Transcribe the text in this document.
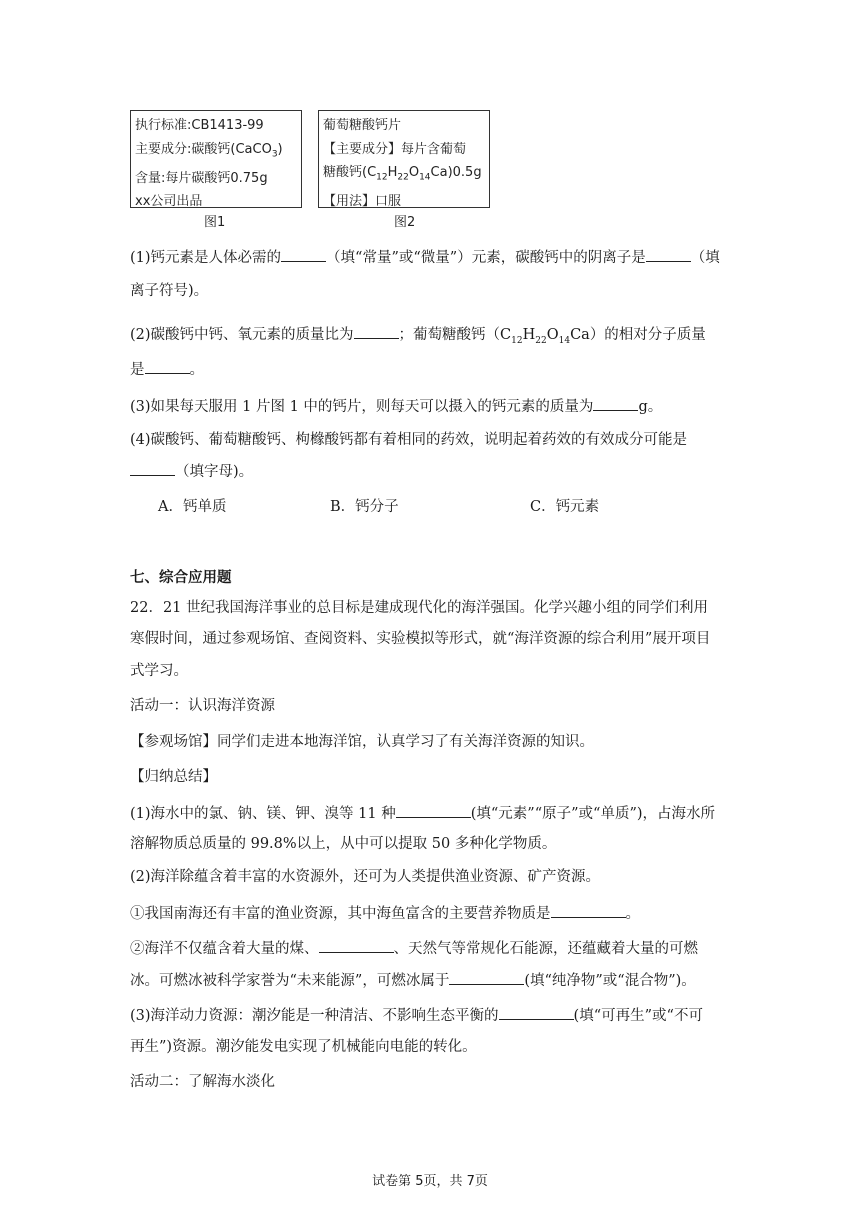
执行标准:CB1413-99
主要成分:碳酸钙(CaCO$_3$)
含量:每片碳酸钙0.75g
xx公司出品
图1
葡萄糖酸钙片
【主要成分】每片含葡萄
糖酸钙$(C_{12}H_{22}O_{14}Ca)0.5g$
【用法】口服
图2
(1)钙元素是人体必需的	（填“常量”或“微量”）元素，碳酸钙中的阴离子是	（填
离子符号)。
(2)碳酸钙中钙、氧元素的质量比为	；葡萄糖酸钙$(C_{12}H_{22}O_{14}Ca)$的相对分子质量
是	。
(3)如果每天服用 1 片图 1 中的钙片，则每天可以摄入的钙元素的质量为	g。
(4)碳酸钙、葡萄糖酸钙、枸橼酸钙都有着相同的药效，说明起着药效的有效成分可能是
（填字母)。
A．钙单质	B．钙分子	C．钙元素
七、综合应用题
22．21 世纪我国海洋事业的总目标是建成现代化的海洋强国。化学兴趣小组的同学们利用
寒假时间，通过参观场馆、查阅资料、实验模拟等形式，就“海洋资源的综合利用”展开项目
式学习。
活动一：认识海洋资源
【参观场馆】同学们走进本地海洋馆，认真学习了有关海洋资源的知识。
【归纳总结】
(1)海水中的氯、钠、镁、钾、溴等 11 种	(填“元素”“原子”或“单质”)，占海水所
溶解物质总质量的 99.8%以上，从中可以提取 50 多种化学物质。
(2)海洋除蕴含着丰富的水资源外，还可为人类提供渔业资源、矿产资源。
①我国南海还有丰富的渔业资源，其中海鱼富含的主要营养物质是	。
②海洋不仅蕴含着大量的煤、	、天然气等常规化石能源，还蕴藏着大量的可燃
冰。可燃冰被科学家誉为“未来能源”，可燃冰属于	(填“纯净物”或“混合物”)。
(3)海洋动力资源：潮汐能是一种清洁、不影响生态平衡的	(填“可再生”或“不可
再生”)资源。潮汐能发电实现了机械能向电能的转化。
活动二：了解海水淡化
试卷第 5页，共 7页
